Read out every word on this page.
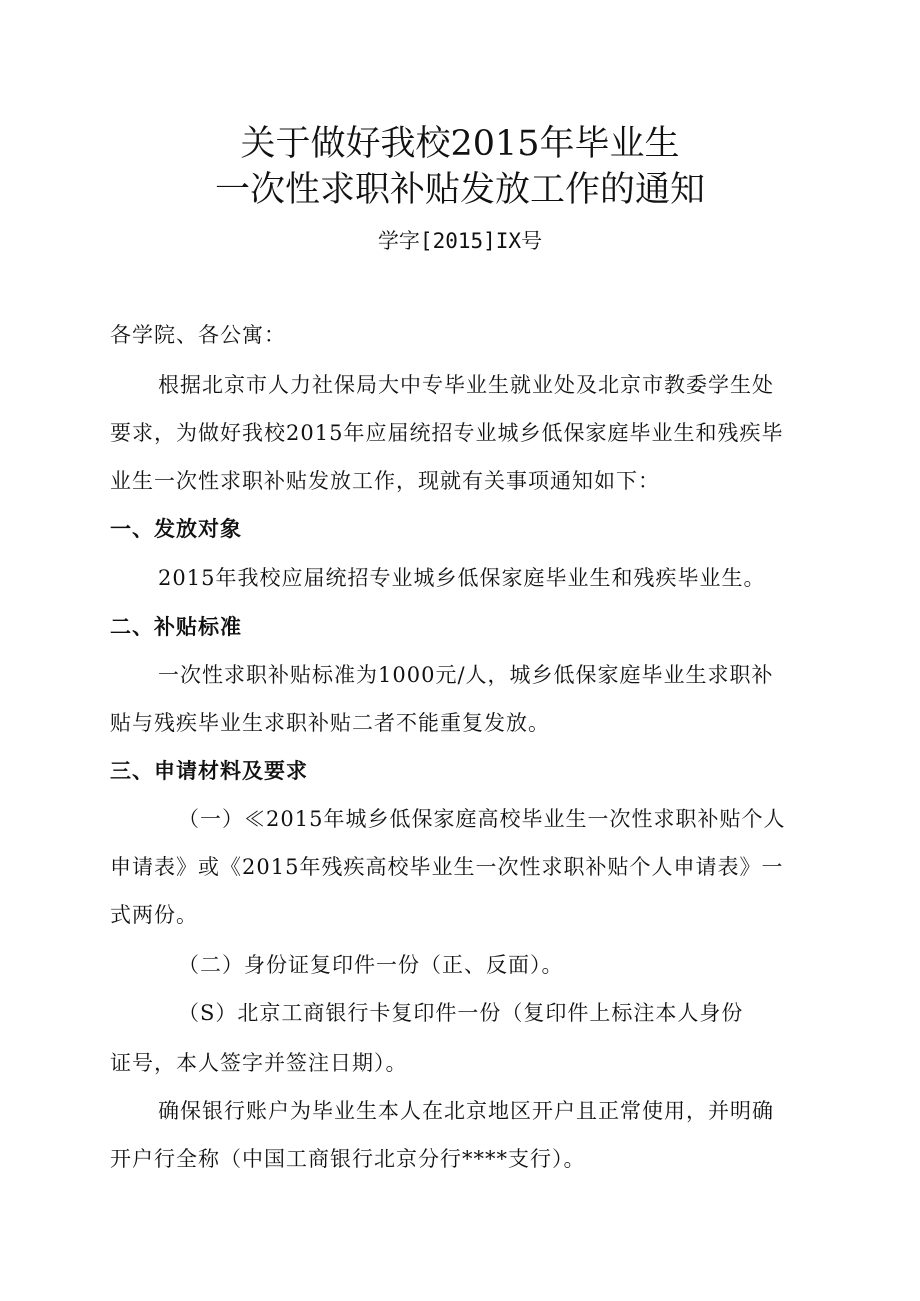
关于做好我校2015年毕业生
一次性求职补贴发放工作的通知
学字[2015]IX号
各学院、各公寓：
根据北京市人力社保局大中专毕业生就业处及北京市教委学生处
要求，为做好我校2015年应届统招专业城乡低保家庭毕业生和残疾毕
业生一次性求职补贴发放工作，现就有关事项通知如下：
一、发放对象
2015年我校应届统招专业城乡低保家庭毕业生和残疾毕业生。
二、补贴标准
一次性求职补贴标准为1000元/人，城乡低保家庭毕业生求职补
贴与残疾毕业生求职补贴二者不能重复发放。
三、申请材料及要求
（一）≪2015年城乡低保家庭高校毕业生一次性求职补贴个人
申请表》或《2015年残疾高校毕业生一次性求职补贴个人申请表》一
式两份。
（二）身份证复印件一份（正、反面）。
（S）北京工商银行卡复印件一份（复印件上标注本人身份
证号，本人签字并签注日期）。
确保银行账户为毕业生本人在北京地区开户且正常使用，并明确
开户行全称（中国工商银行北京分行****支行）。
